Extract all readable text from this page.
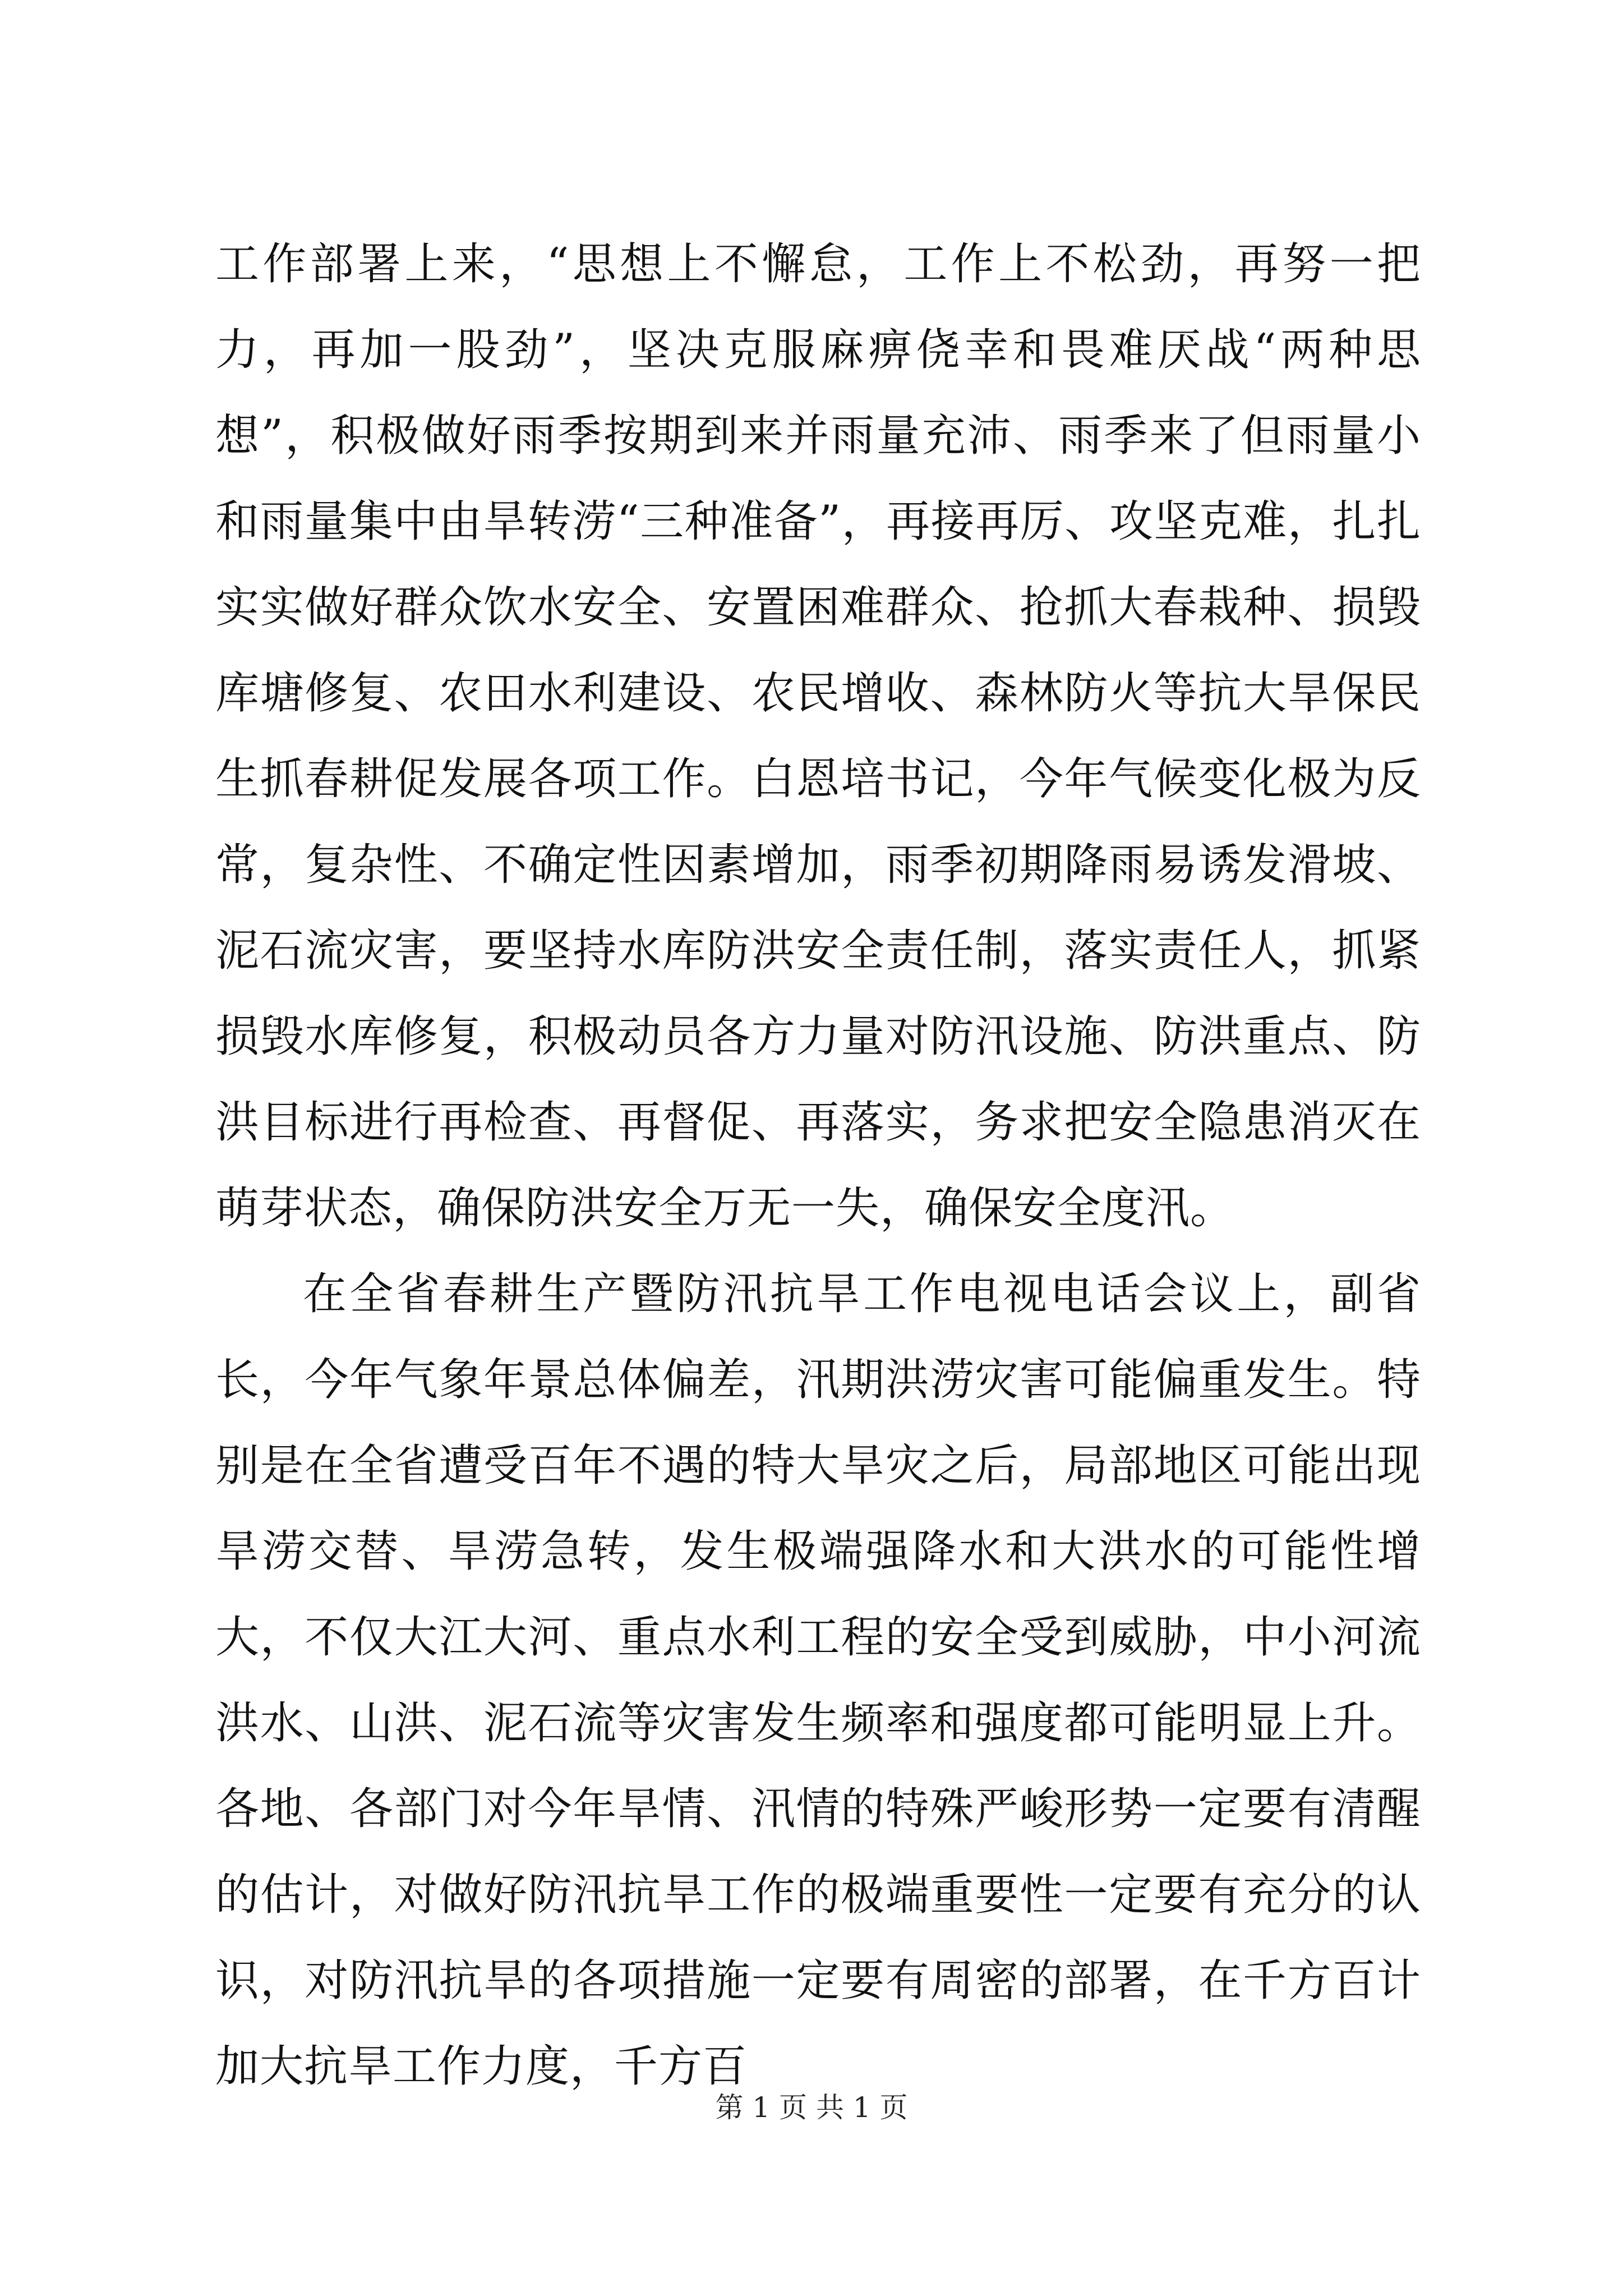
工作部署上来，“思想上不懈怠，工作上不松劲，再努一把力，再加一股劲”，坚决克服麻痹侥幸和畏难厌战“两种思想”，积极做好雨季按期到来并雨量充沛、雨季来了但雨量小和雨量集中由旱转涝“三种准备”，再接再厉、攻坚克难，扎扎实实做好群众饮水安全、安置困难群众、抢抓大春栽种、损毁库塘修复、农田水利建设、农民增收、森林防火等抗大旱保民生抓春耕促发展各项工作。白恩培书记，今年气候变化极为反常，复杂性、不确定性因素增加，雨季初期降雨易诱发滑坡、泥石流灾害，要坚持水库防洪安全责任制，落实责任人，抓紧损毁水库修复，积极动员各方力量对防汛设施、防洪重点、防洪目标进行再检查、再督促、再落实，务求把安全隐患消灭在萌芽状态，确保防洪安全万无一失，确保安全度汛。

在全省春耕生产暨防汛抗旱工作电视电话会议上，副省长，今年气象年景总体偏差，汛期洪涝灾害可能偏重发生。特别是在全省遭受百年不遇的特大旱灾之后，局部地区可能出现旱涝交替、旱涝急转，发生极端强降水和大洪水的可能性增大，不仅大江大河、重点水利工程的安全受到威胁，中小河流洪水、山洪、泥石流等灾害发生频率和强度都可能明显上升。各地、各部门对今年旱情、汛情的特殊严峻形势一定要有清醒的估计，对做好防汛抗旱工作的极端重要性一定要有充分的认识，对防汛抗旱的各项措施一定要有周密的部署，在千方百计加大抗旱工作力度，千方百

第 1 页 共 1 页
